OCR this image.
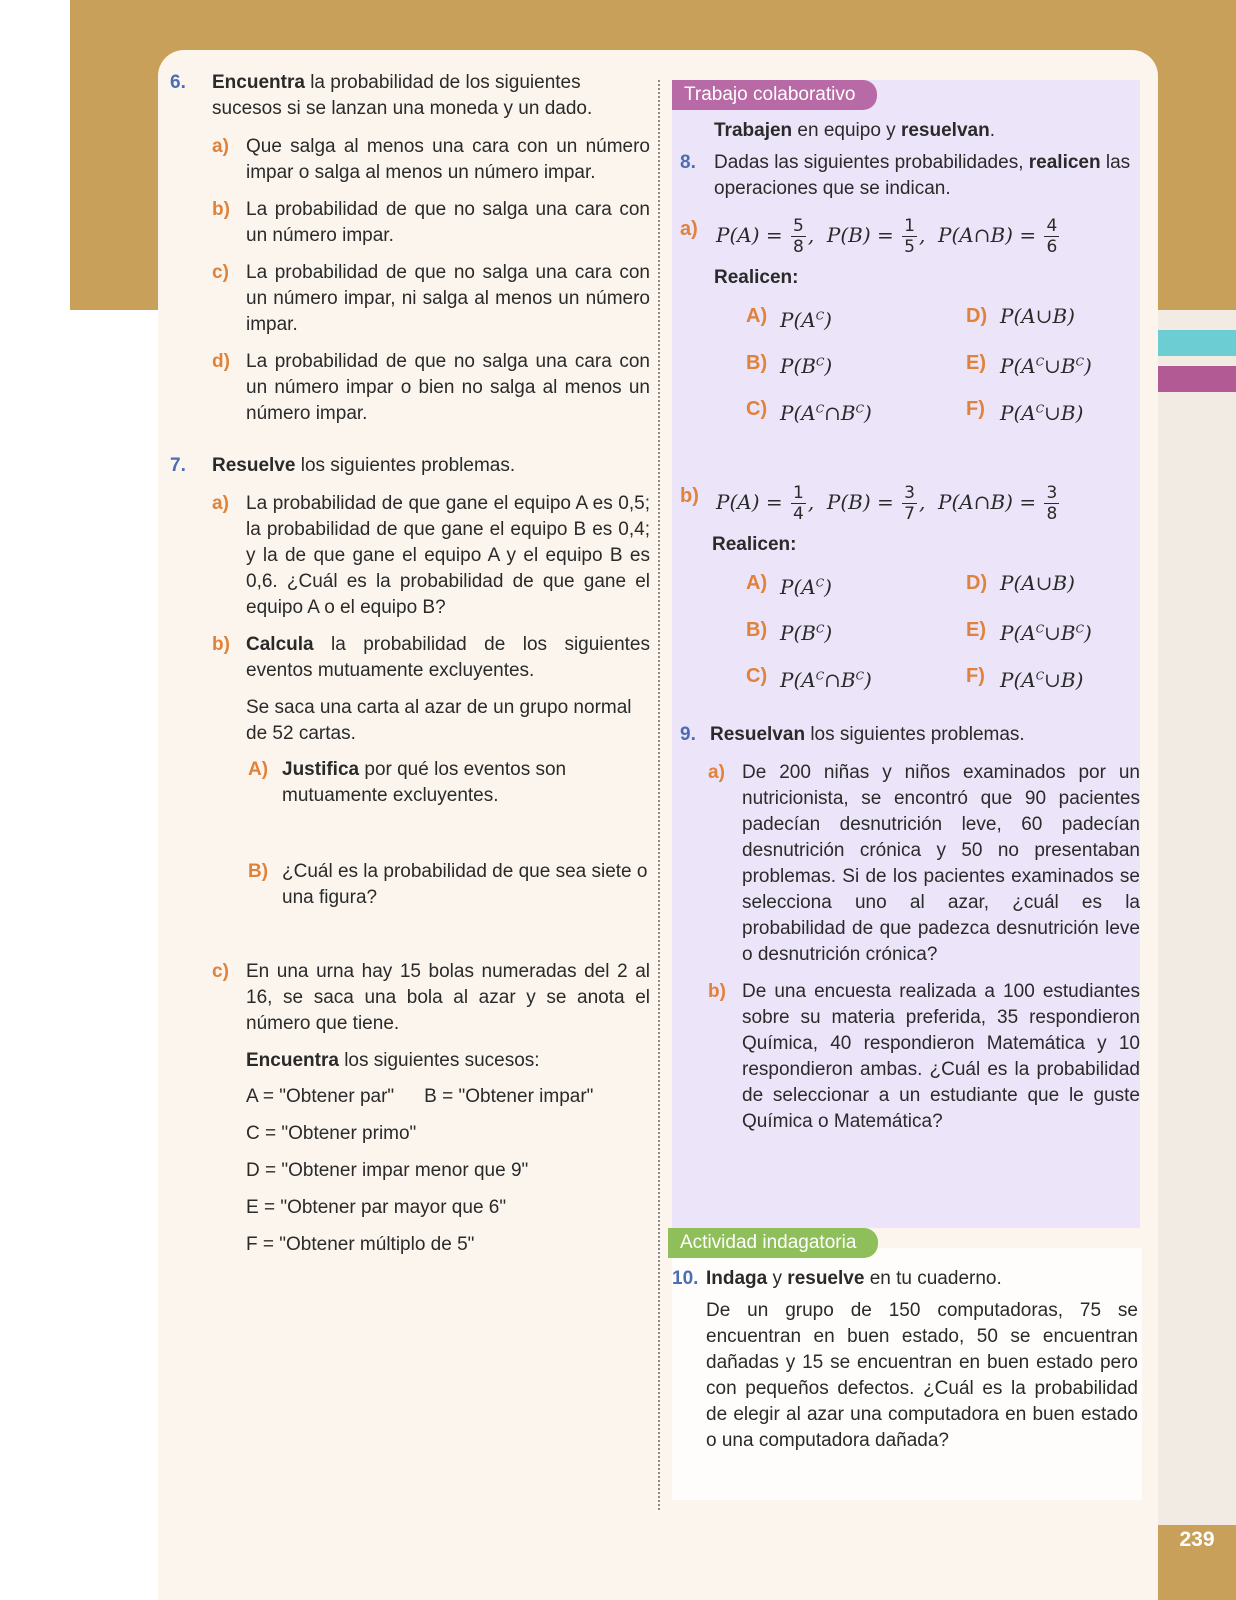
239
6. Encuentra la probabilidad de los siguientes sucesos si se lanzan una moneda y un dado.
a) Que salga al menos una cara con un número impar o salga al menos un número impar.
b) La probabilidad de que no salga una cara con un número impar.
c) La probabilidad de que no salga una cara con un número impar, ni salga al menos un número impar.
d) La probabilidad de que no salga una cara con un número impar o bien no salga al menos un número impar.
7. Resuelve los siguientes problemas.
a) La probabilidad de que gane el equipo A es 0,5; la probabilidad de que gane el equipo B es 0,4; y la de que gane el equipo A y el equipo B es 0,6. ¿Cuál es la probabilidad de que gane el equipo A o el equipo B?
b) Calcula la probabilidad de los siguientes eventos mutuamente excluyentes.
Se saca una carta al azar de un grupo normal de 52 cartas.
A) Justifica por qué los eventos son mutuamente excluyentes.
B) ¿Cuál es la probabilidad de que sea siete o una figura?
c) En una urna hay 15 bolas numeradas del 2 al 16, se saca una bola al azar y se anota el número que tiene.
Encuentra los siguientes sucesos:
A = "Obtener par" B = "Obtener impar"
C = "Obtener primo"
D = "Obtener impar menor que 9"
E = "Obtener par mayor que 6"
F = "Obtener múltiplo de 5"
Trabajo colaborativo
Trabajen en equipo y resuelvan.
8. Dadas las siguientes probabilidades, realicen las operaciones que se indican.
a) $P(A) = \frac{5}{8}$ ,  $P(B) = \frac{1}{5}$ ,  P(A∩B) = $\frac{4}{6}$
Realicen:
A) $P(A^C)$	D) P(A∪B)
B) $P(B^C)$	E) $P(A^C\cup B^C)$
C) $P(A^C\cap B^C)$	F) $P(A^C\cup B)$
b) $P(A) = \frac{1}{4}$ ,  $P(B) = \frac{3}{7}$ ,  P(A∩B) = $\frac{3}{8}$
Realicen:
A) $P(A^C)$	D) P(A∪B)
B) $P(B^C)$	E) $P(A^C\cup B^C)$
C) $P(A^C\cap B^C)$	F) $P(A^C\cup B)$
9. Resuelvan los siguientes problemas.
a) De 200 niñas y niños examinados por un nutricionista, se encontró que 90 pacientes padecían desnutrición leve, 60 padecían desnutrición crónica y 50 no presentaban problemas. Si de los pacientes examinados se selecciona uno al azar, ¿cuál es la probabilidad de que padezca desnutrición leve o desnutrición crónica?
b) De una encuesta realizada a 100 estudiantes sobre su materia preferida, 35 respondieron Química, 40 respondieron Matemática y 10 respondieron ambas. ¿Cuál es la probabilidad de seleccionar a un estudiante que le guste Química o Matemática?
Actividad indagatoria
10. Indaga y resuelve en tu cuaderno.
De un grupo de 150 computadoras, 75 se encuentran en buen estado, 50 se encuentran dañadas y 15 se encuentran en buen estado pero con pequeños defectos. ¿Cuál es la probabilidad de elegir al azar una computadora en buen estado o una computadora dañada?
